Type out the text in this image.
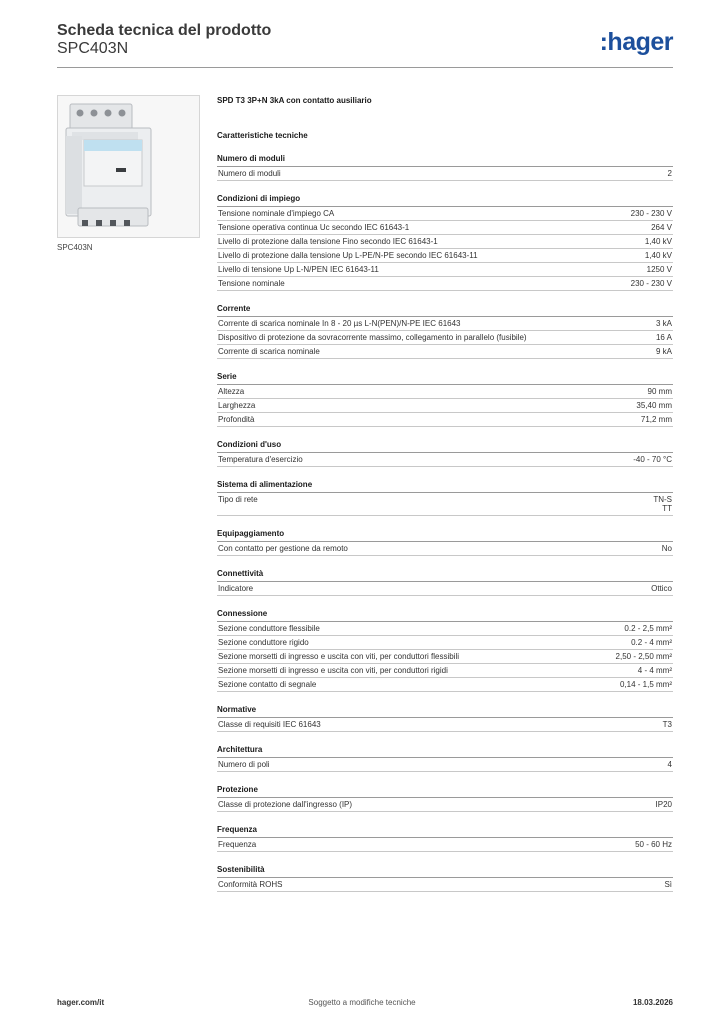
Scheda tecnica del prodotto
SPC403N	:hager
SPC403N
SPD T3 3P+N 3kA con contatto ausiliario
Caratteristiche tecniche
Numero di moduli
Numero di moduli	2
Condizioni di impiego
Tensione nominale d'impiego CA	230 - 230 V
Tensione operativa continua Uc secondo IEC 61643-1	264 V
Livello di protezione dalla tensione Fino secondo IEC 61643-1	1,40 kV
Livello di protezione dalla tensione Up L-PE/N-PE secondo IEC 61643-11	1,40 kV
Livello di tensione Up L-N/PEN IEC 61643-11	1250 V
Tensione nominale	230 - 230 V
Corrente
Corrente di scarica nominale In 8 - 20 µs L-N(PEN)/N-PE IEC 61643	3 kA
Dispositivo di protezione da sovracorrente massimo, collegamento in parallelo (fusibile)	16 A
Corrente di scarica nominale	9 kA
Serie
Altezza	90 mm
Larghezza	35,40 mm
Profondità	71,2 mm
Condizioni d'uso
Temperatura d'esercizio	-40 - 70 °C
Sistema di alimentazione
Tipo di rete	TN-S
TT
Equipaggiamento
Con contatto per gestione da remoto	No
Connettività
Indicatore	Ottico
Connessione
Sezione conduttore flessibile	0.2 - 2,5 mm²
Sezione conduttore rigido	0.2 - 4 mm²
Sezione morsetti di ingresso e uscita con viti, per conduttori flessibili	2,50 - 2,50 mm²
Sezione morsetti di ingresso e uscita con viti, per conduttori rigidi	4 - 4 mm²
Sezione contatto di segnale	0,14 - 1,5 mm²
Normative
Classe di requisiti IEC 61643	T3
Architettura
Numero di poli	4
Protezione
Classe di protezione dall'ingresso (IP)	IP20
Frequenza
Frequenza	50 - 60 Hz
Sostenibilità
Conformità ROHS	Sì
hager.com/it	Soggetto a modifiche tecniche	18.03.2026
